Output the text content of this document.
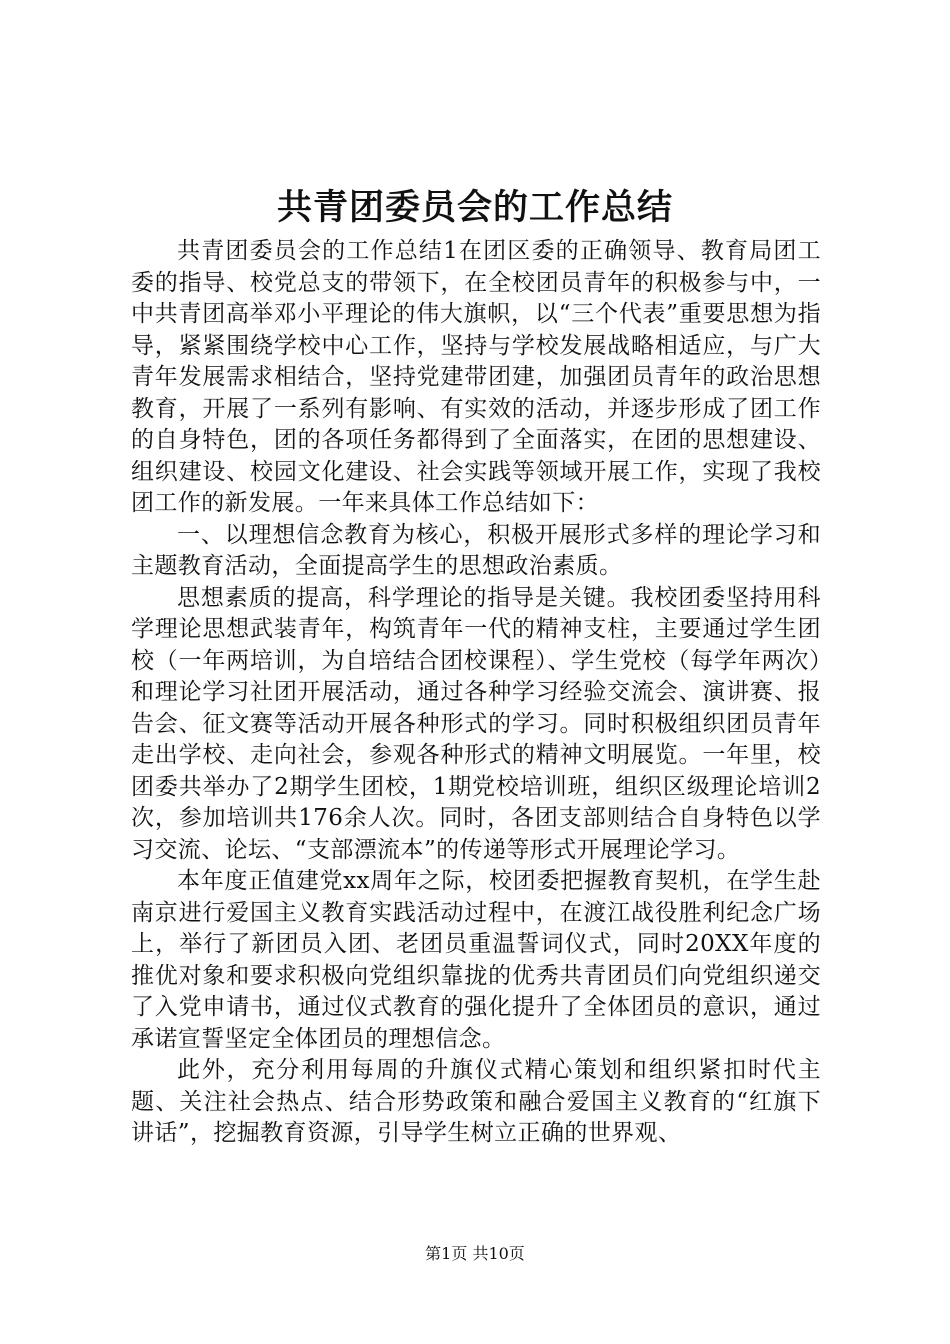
共青团委员会的工作总结

共青团委员会的工作总结1在团区委的正确领导、教育局团工委的指导、校党总支的带领下，在全校团员青年的积极参与中，一中共青团高举邓小平理论的伟大旗帜，以“三个代表”重要思想为指导，紧紧围绕学校中心工作，坚持与学校发展战略相适应，与广大青年发展需求相结合，坚持党建带团建，加强团员青年的政治思想教育，开展了一系列有影响、有实效的活动，并逐步形成了团工作的自身特色，团的各项任务都得到了全面落实，在团的思想建设、组织建设、校园文化建设、社会实践等领域开展工作，实现了我校团工作的新发展。一年来具体工作总结如下：

一、以理想信念教育为核心，积极开展形式多样的理论学习和主题教育活动，全面提高学生的思想政治素质。

思想素质的提高，科学理论的指导是关键。我校团委坚持用科学理论思想武装青年，构筑青年一代的精神支柱，主要通过学生团校（一年两培训，为自培结合团校课程）、学生党校（每学年两次）和理论学习社团开展活动，通过各种学习经验交流会、演讲赛、报告会、征文赛等活动开展各种形式的学习。同时积极组织团员青年走出学校、走向社会，参观各种形式的精神文明展览。一年里，校团委共举办了2期学生团校，1期党校培训班，组织区级理论培训2次，参加培训共176余人次。同时，各团支部则结合自身特色以学习交流、论坛、“支部漂流本”的传递等形式开展理论学习。

本年度正值建党xx周年之际，校团委把握教育契机，在学生赴南京进行爱国主义教育实践活动过程中，在渡江战役胜利纪念广场上，举行了新团员入团、老团员重温誓词仪式，同时20XX年度的推优对象和要求积极向党组织靠拢的优秀共青团员们向党组织递交了入党申请书，通过仪式教育的强化提升了全体团员的意识，通过承诺宣誓坚定全体团员的理想信念。

此外，充分利用每周的升旗仪式精心策划和组织紧扣时代主题、关注社会热点、结合形势政策和融合爱国主义教育的“红旗下讲话”，挖掘教育资源，引导学生树立正确的世界观、

第1页 共10页
